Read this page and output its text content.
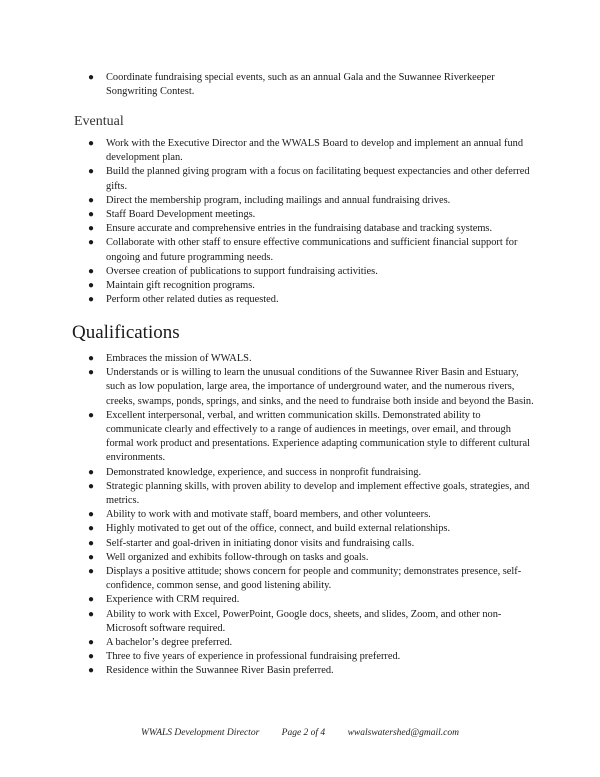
● Coordinate fundraising special events, such as an annual Gala and the Suwannee Riverkeeper Songwriting Contest.
Eventual
● Work with the Executive Director and the WWALS Board to develop and implement an annual fund development plan.
● Build the planned giving program with a focus on facilitating bequest expectancies and other deferred gifts.
● Direct the membership program, including mailings and annual fundraising drives.
● Staff Board Development meetings.
● Ensure accurate and comprehensive entries in the fundraising database and tracking systems.
● Collaborate with other staff to ensure effective communications and sufficient financial support for ongoing and future programming needs.
● Oversee creation of publications to support fundraising activities.
● Maintain gift recognition programs.
● Perform other related duties as requested.
Qualifications
● Embraces the mission of WWALS.
● Understands or is willing to learn the unusual conditions of the Suwannee River Basin and Estuary, such as low population, large area, the importance of underground water, and the numerous rivers, creeks, swamps, ponds, springs, and sinks, and the need to fundraise both inside and beyond the Basin.
● Excellent interpersonal, verbal, and written communication skills. Demonstrated ability to communicate clearly and effectively to a range of audiences in meetings, over email, and through formal work product and presentations. Experience adapting communication style to different cultural environments.
● Demonstrated knowledge, experience, and success in nonprofit fundraising.
● Strategic planning skills, with proven ability to develop and implement effective goals, strategies, and metrics.
● Ability to work with and motivate staff, board members, and other volunteers.
● Highly motivated to get out of the office, connect, and build external relationships.
● Self-starter and goal-driven in initiating donor visits and fundraising calls.
● Well organized and exhibits follow-through on tasks and goals.
● Displays a positive attitude; shows concern for people and community; demonstrates presence, self-confidence, common sense, and good listening ability.
● Experience with CRM required.
● Ability to work with Excel, PowerPoint, Google docs, sheets, and slides, Zoom, and other non-Microsoft software required.
● A bachelor’s degree preferred.
● Three to five years of experience in professional fundraising preferred.
● Residence within the Suwannee River Basin preferred.
WWALS Development Director Page 2 of 4 wwalswatershed@gmail.com
